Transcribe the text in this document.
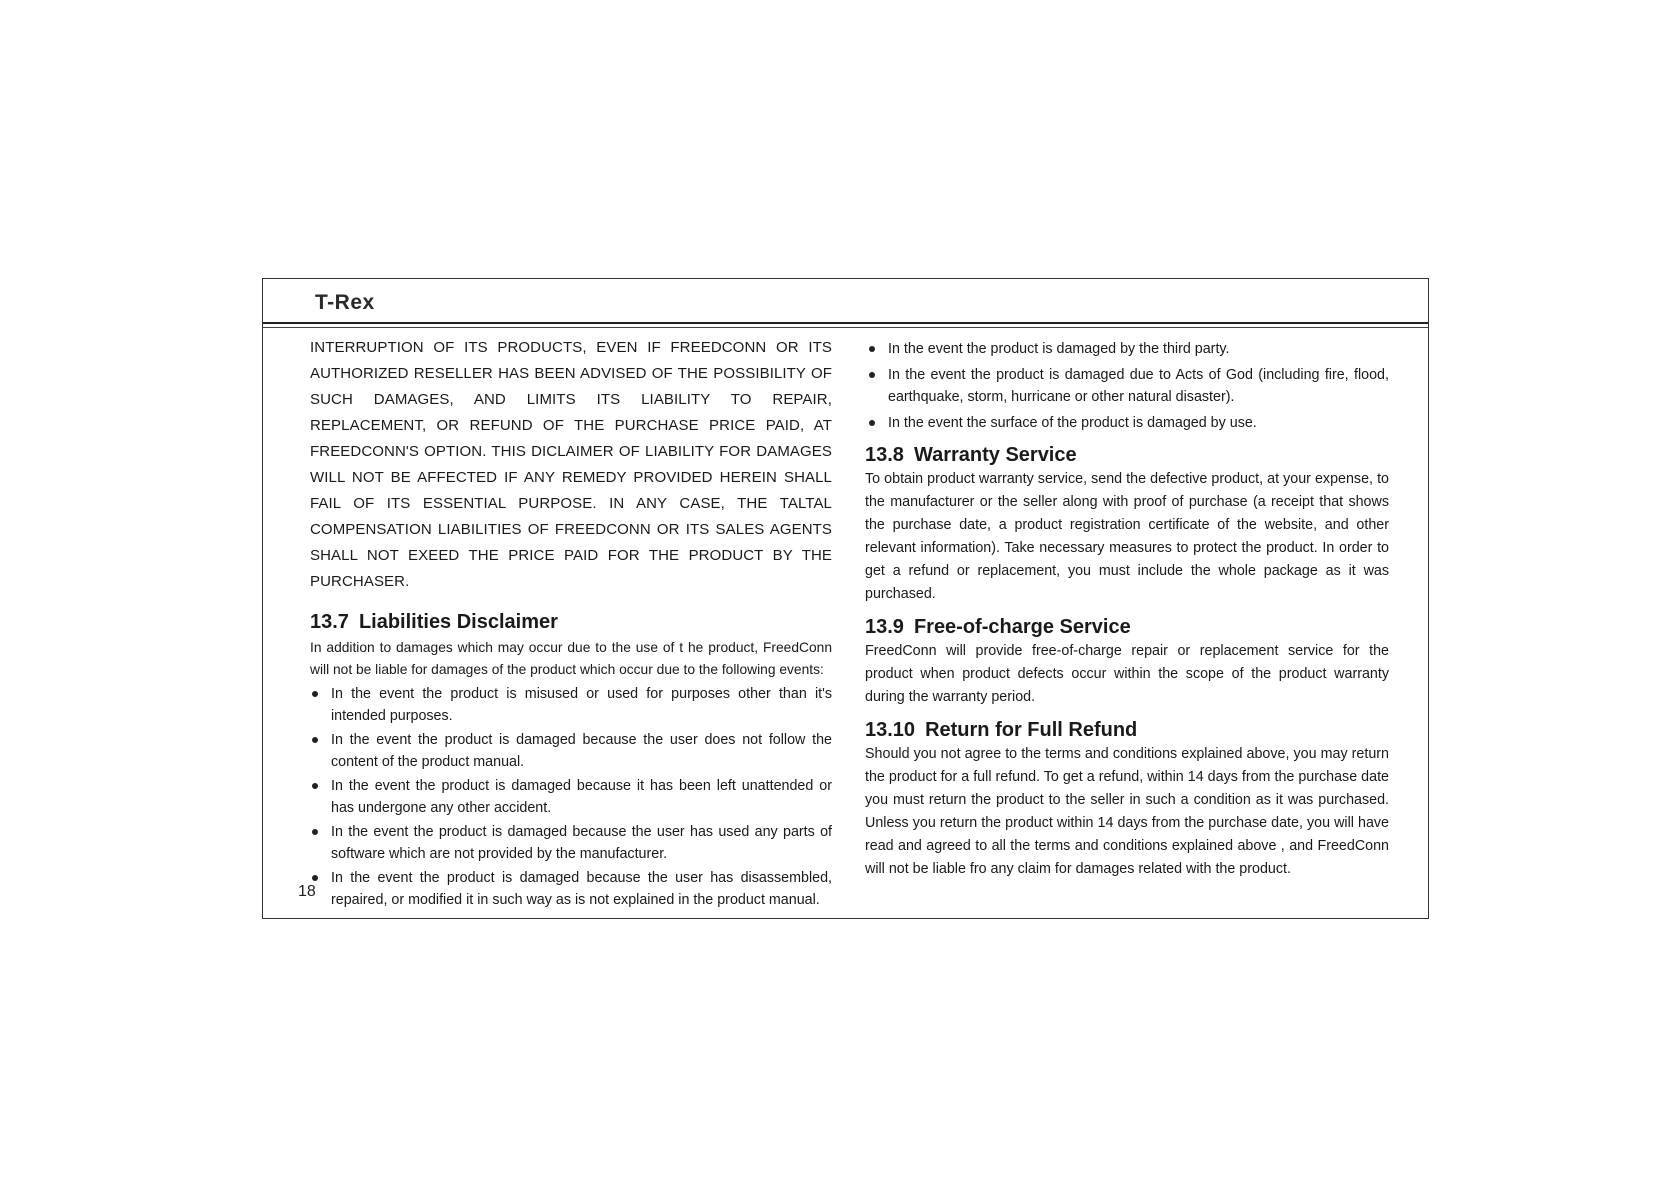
T-Rex

INTERRUPTION OF ITS PRODUCTS, EVEN IF FREEDCONN OR ITS AUTHORIZED RESELLER HAS BEEN ADVISED OF THE POSSIBILITY OF SUCH DAMAGES, AND LIMITS ITS LIABILITY TO REPAIR, REPLACEMENT, OR REFUND OF THE PURCHASE PRICE PAID, AT FREEDCONN'S OPTION. THIS DICLAIMER OF LIABILITY FOR DAMAGES WILL NOT BE AFFECTED IF ANY REMEDY PROVIDED HEREIN SHALL FAIL OF ITS ESSENTIAL PURPOSE. IN ANY CASE, THE TALTAL COMPENSATION LIABILITIES OF FREEDCONN OR ITS SALES AGENTS SHALL NOT EXEED THE PRICE PAID FOR THE PRODUCT BY THE PURCHASER.

13.7 Liabilities Disclaimer

In addition to damages which may occur due to the use of t he product, FreedConn will not be liable for damages of the product which occur due to the following events:

In the event the product is misused or used for purposes other than it's intended purposes.
In the event the product is damaged because the user does not follow the content of the product manual.
In the event the product is damaged because it has been left unattended or has undergone any other accident.
In the event the product is damaged because the user has used any parts of software which are not provided by the manufacturer.
In the event the product is damaged because the user has disassembled, repaired, or modified it in such way as is not explained in the product manual.
In the event the product is damaged by the third party.
In the event the product is damaged due to Acts of God (including fire, flood, earthquake, storm, hurricane or other natural disaster).
In the event the surface of the product is damaged by use.
13.8 Warranty Service

To obtain product warranty service, send the defective product, at your expense, to the manufacturer or the seller along with proof of purchase (a receipt that shows the purchase date, a product registration certificate of the website, and other relevant information). Take necessary measures to protect the product. In order to get a refund or replacement, you must include the whole package as it was purchased.

13.9 Free-of-charge Service

FreedConn will provide free-of-charge repair or replacement service for the product when product defects occur within the scope of the product warranty during the warranty period.

13.10 Return for Full Refund

Should you not agree to the terms and conditions explained above, you may return the product for a full refund. To get a refund, within 14 days from the purchase date you must return the product to the seller in such a condition as it was purchased. Unless you return the product within 14 days from the purchase date, you will have read and agreed to all the terms and conditions explained above , and FreedConn will not be liable fro any claim for damages related with the product.

18
